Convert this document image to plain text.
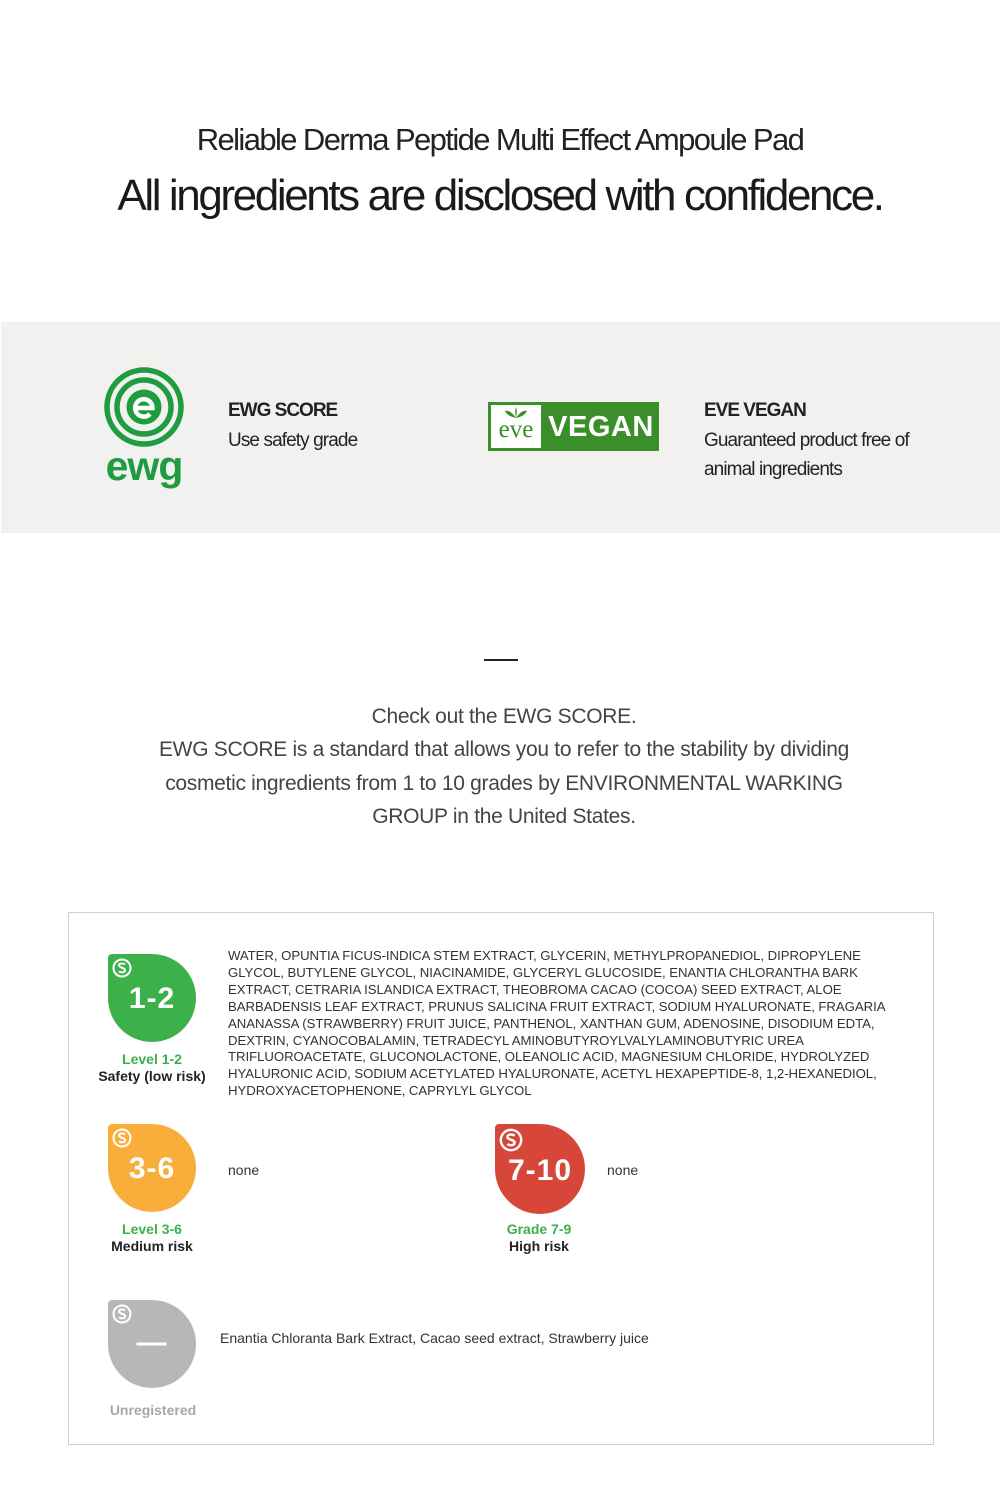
Reliable Derma Peptide Multi Effect Ampoule Pad
All ingredients are disclosed with confidence.
ewg
EWG SCORE
Use safety grade	eve VEGAN
EVE VEGAN
Guaranteed product free of
animal ingredients
Check out the EWG SCORE.
EWG SCORE is a standard that allows you to refer to the stability by dividing
cosmetic ingredients from 1 to 10 grades by ENVIRONMENTAL WARKING
GROUP in the United States.
1-2
Level 1-2
Safety (low risk)
WATER, OPUNTIA FICUS-INDICA STEM EXTRACT, GLYCERIN, METHYLPROPANEDIOL, DIPROPYLENE
GLYCOL, BUTYLENE GLYCOL, NIACINAMIDE, GLYCERYL GLUCOSIDE, ENANTIA CHLORANTHA BARK
EXTRACT, CETRARIA ISLANDICA EXTRACT, THEOBROMA CACAO (COCOA) SEED EXTRACT, ALOE
BARBADENSIS LEAF EXTRACT, PRUNUS SALICINA FRUIT EXTRACT, SODIUM HYALURONATE, FRAGARIA
ANANASSA (STRAWBERRY) FRUIT JUICE, PANTHENOL, XANTHAN GUM, ADENOSINE, DISODIUM EDTA,
DEXTRIN, CYANOCOBALAMIN, TETRADECYL AMINOBUTYROYLVALYLAMINOBUTYRIC UREA
TRIFLUOROACETATE, GLUCONOLACTONE, OLEANOLIC ACID, MAGNESIUM CHLORIDE, HYDROLYZED
HYALURONIC ACID, SODIUM ACETYLATED HYALURONATE, ACETYL HEXAPEPTIDE-8, 1,2-HEXANEDIOL,
HYDROXYACETOPHENONE, CAPRYLYL GLYCOL
3-6
Level 3-6
Medium risk
none	7-10
Grade 7-9
High risk
none
—
Unregistered
Enantia Chloranta Bark Extract, Cacao seed extract, Strawberry juice
